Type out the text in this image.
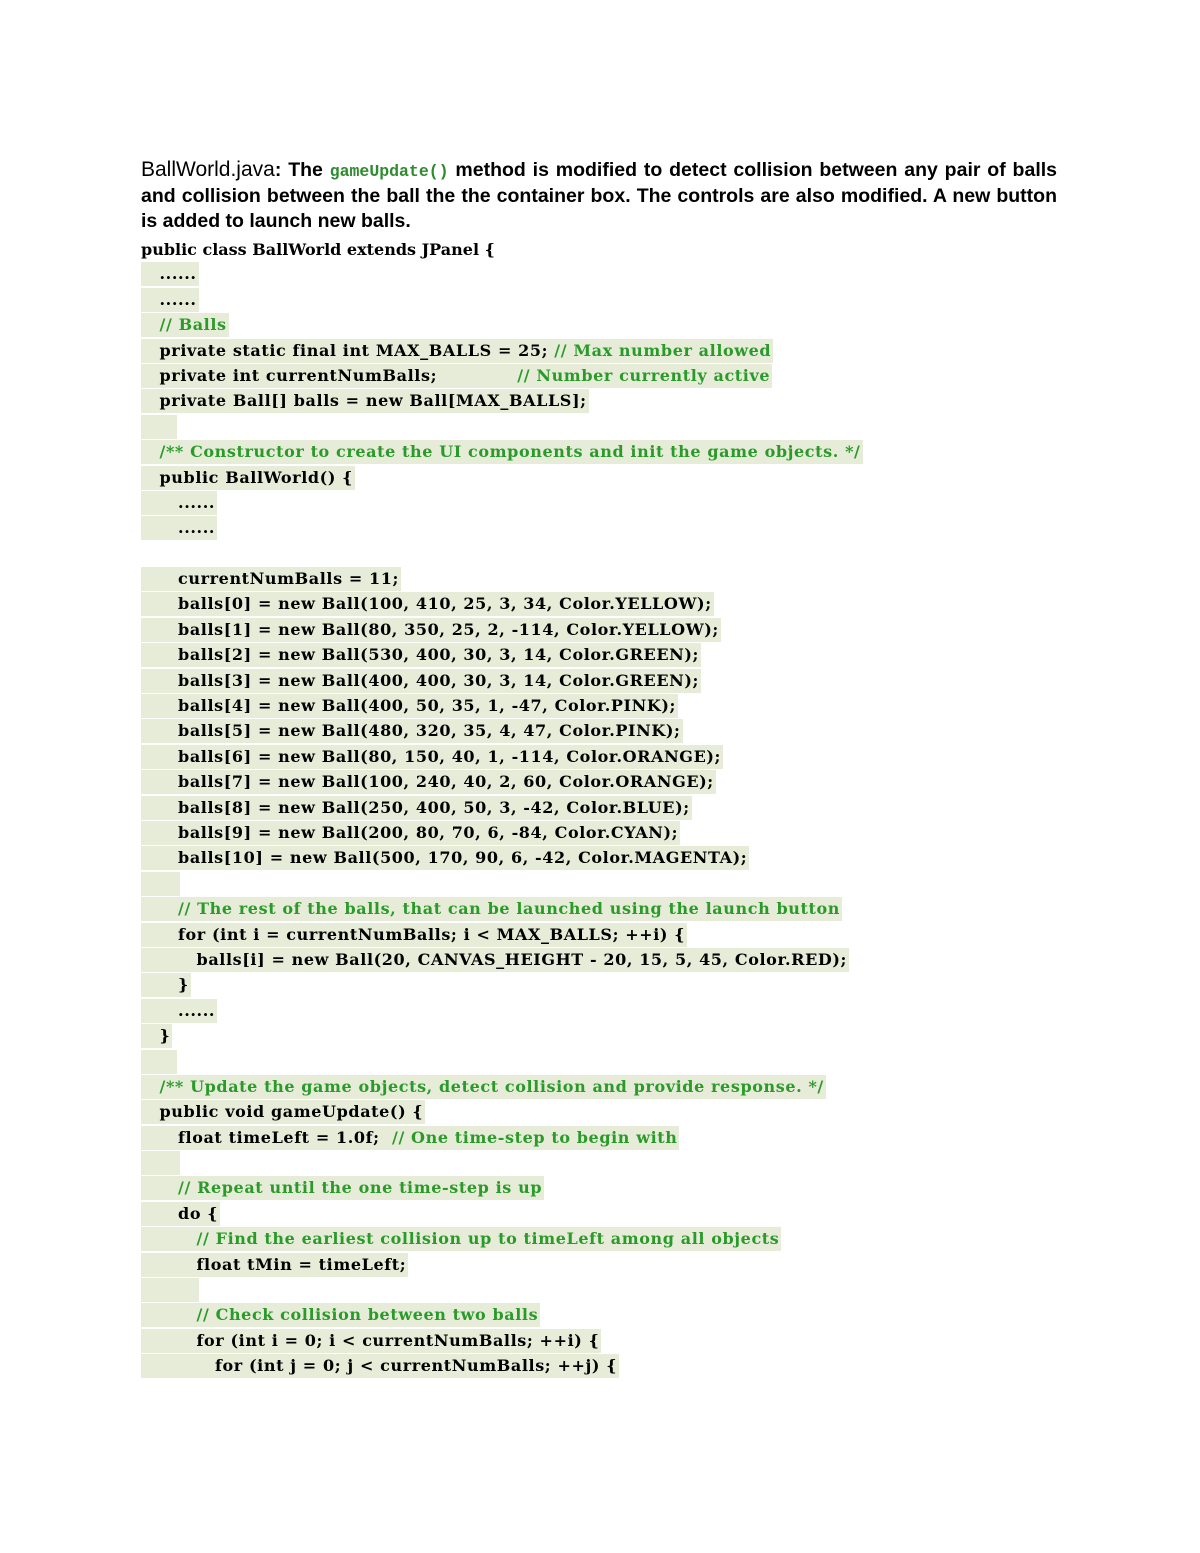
BallWorld.java: The gameUpdate() method is modified to detect collision between any pair of balls and collision between the ball the the container box. The controls are also modified. A new button is added to launch new balls.
public class BallWorld extends JPanel {
......
......
// Balls
private static final int MAX_BALLS = 25; // Max number allowed
private int currentNumBalls;             // Number currently active
private Ball[] balls = new Ball[MAX_BALLS];
/** Constructor to create the UI components and init the game objects. */
public BallWorld() {
......
......
currentNumBalls = 11;
balls[0] = new Ball(100, 410, 25, 3, 34, Color.YELLOW);
balls[1] = new Ball(80, 350, 25, 2, -114, Color.YELLOW);
balls[2] = new Ball(530, 400, 30, 3, 14, Color.GREEN);
balls[3] = new Ball(400, 400, 30, 3, 14, Color.GREEN);
balls[4] = new Ball(400, 50, 35, 1, -47, Color.PINK);
balls[5] = new Ball(480, 320, 35, 4, 47, Color.PINK);
balls[6] = new Ball(80, 150, 40, 1, -114, Color.ORANGE);
balls[7] = new Ball(100, 240, 40, 2, 60, Color.ORANGE);
balls[8] = new Ball(250, 400, 50, 3, -42, Color.BLUE);
balls[9] = new Ball(200, 80, 70, 6, -84, Color.CYAN);
balls[10] = new Ball(500, 170, 90, 6, -42, Color.MAGENTA);

// The rest of the balls, that can be launched using the launch button
for (int i = currentNumBalls; i < MAX_BALLS; ++i) {
balls[i] = new Ball(20, CANVAS_HEIGHT - 20, 15, 5, 45, Color.RED);
}
......
}
/** Update the game objects, detect collision and provide response. */
public void gameUpdate() {
float timeLeft = 1.0f;  // One time-step to begin with

// Repeat until the one time-step is up
do {
// Find the earliest collision up to timeLeft among all objects
float tMin = timeLeft;

// Check collision between two balls
for (int i = 0; i < currentNumBalls; ++i) {
for (int j = 0; j < currentNumBalls; ++j) {
